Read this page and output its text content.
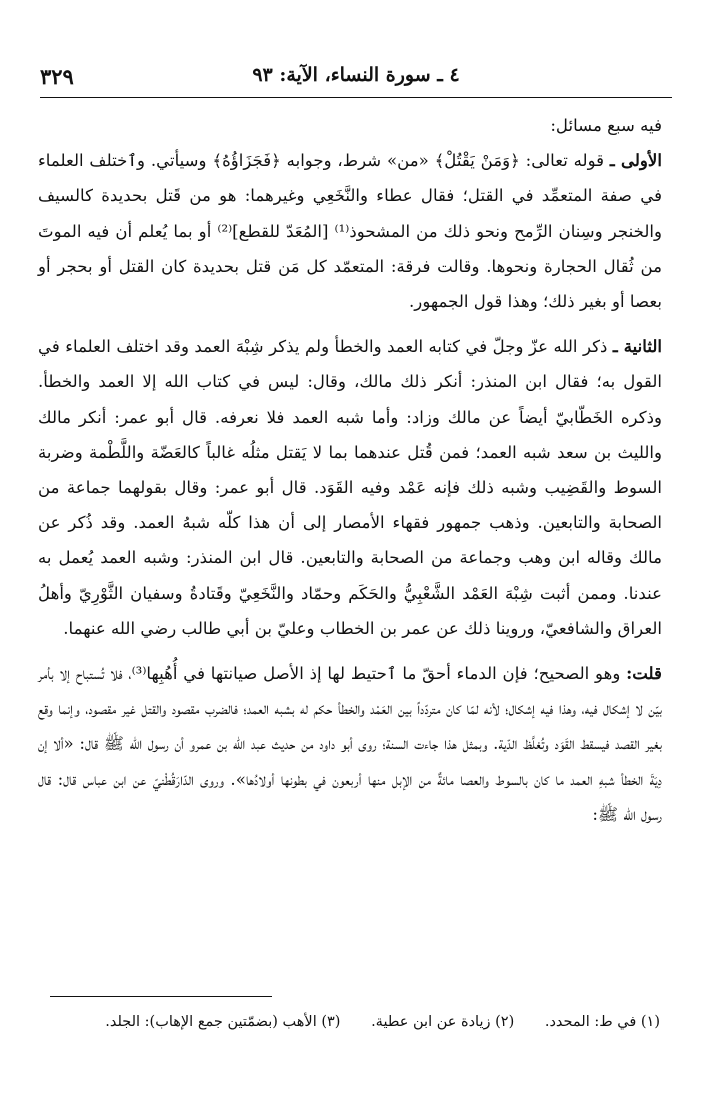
٤ ـ سورة النساء، الآية: ٩٣
٣٢٩

فيه سبع مسائل:

الأولى ـ قوله تعالى: ﴿وَمَنْ يَقْتُلْ﴾ «من» شرط، وجوابه ﴿فَجَزَاؤُهُ﴾ وسيأتي. وٱختلف العلماء في صفة المتعمِّد في القتل؛ فقال عطاء والنَّخَعِي وغيرهما: هو من قَتل بحديدة كالسيف والخنجر وسِنان الرِّمح ونحو ذلك من المشحوذ⁽¹⁾ [المُعَدّ للقطع]⁽²⁾ أو بما يُعلم أن فيه الموتَ من ثُقال الحجارة ونحوها. وقالت فرقة: المتعمّد كل مَن قتل بحديدة كان القتل أو بحجر أو بعصا أو بغير ذلك؛ وهذا قول الجمهور.

الثانية ـ ذكر الله عزّ وجلّ في كتابه العمد والخطأ ولم يذكر شِبْهَ العمد وقد اختلف العلماء في القول به؛ فقال ابن المنذر: أنكر ذلك مالك، وقال: ليس في كتاب الله إلا العمد والخطأ. وذكره الخَطّابيّ أيضاً عن مالك وزاد: وأما شبه العمد فلا نعرفه. قال أبو عمر: أنكر مالك والليث بن سعد شبه العمد؛ فمن قُتل عندهما بما لا يَقتل مثلُه غالباً كالعَضّة واللَّطْمة وضربة السوط والقَضِيب وشبه ذلك فإنه عَمْد وفيه القَوَد. قال أبو عمر: وقال بقولهما جماعة من الصحابة والتابعين. وذهب جمهور فقهاء الأمصار إلى أن هذا كلّه شبهُ العمد. وقد ذُكر عن مالك وقاله ابن وهب وجماعة من الصحابة والتابعين. قال ابن المنذر: وشبه العمد يُعمل به عندنا. وممن أثبت شِبْهَ العَمْد الشَّعْبِيُّ والحَكَم وحمّاد والنَّخَعِيّ وقَتادةُ وسفيان الثَّوْرِيّ وأهلُ العراق والشافعيّ، وروينا ذلك عن عمر بن الخطاب وعليّ بن أبي طالب رضي الله عنهما.

قلت: وهو الصحيح؛ فإن الدماء أحقّ ما ٱحتيط لها إذ الأصل صيانتها في أُهُبِها⁽³⁾، فلا تُستباح إلا بأمر بيّن لا إشكال فيه، وهذا فيه إشكال؛ لأنه لمّا كان متردّداً بين العَمْد والخطأ حكم له بشبه العمد؛ فالضرب مقصود والقتل غير مقصود، وإنما وقع بغير القصد فيسقط القَوَد وتُغلَّظ الدّية. وبمثل هذا جاءت السنة؛ روى أبو داود من حديث عبد الله بن عمرو أن رسول الله ﷺ قال: «ألا إن دِيَةَ الخطأ شبهِ العمد ما كان بالسوط والعصا مائةٌ من الإبل منها أربعون في بطونها أولادُها». وروى الدّارَقُطْنيّ عن ابن عباس قال: قال رسول الله ﷺ:

(١) في ط: المحدد. (٢) زيادة عن ابن عطية. (٣) الأهب (بضمّتين جمع الإهاب): الجلد.
